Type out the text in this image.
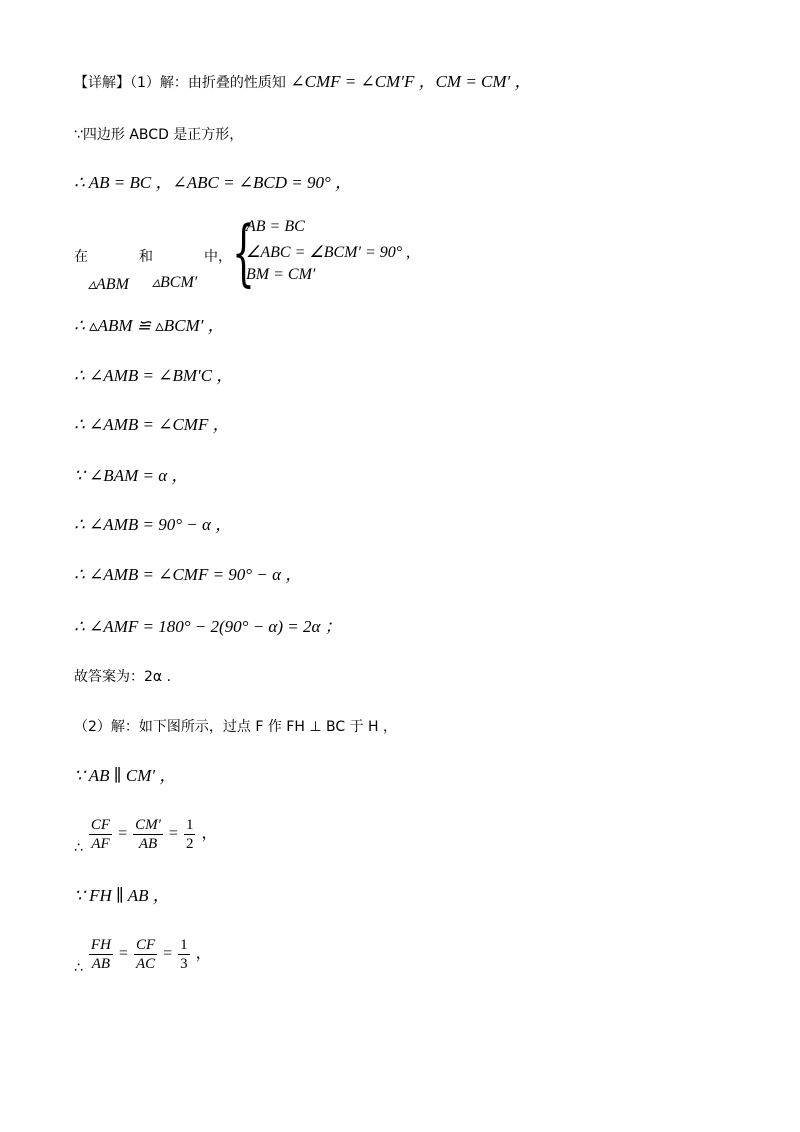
【详解】（1）解：由折叠的性质知 ∠CMF = ∠CM′F ，CM = CM′ ，
∵四边形 ABCD 是正方形，
∴ AB = BC ，∠ABC = ∠BCD = 90° ，
在	和	中，
▵ABM ▵BCM′ {
AB = BC
∠ABC = ∠BCM′ = 90° ,
BM = CM′
∴ ▵ABM ≌ ▵BCM′ ，
∴ ∠AMB = ∠BM′C ，
∴ ∠AMB = ∠CMF ，
∵ ∠BAM = α ，
∴ ∠AMB = 90° − α ，
∴ ∠AMB = ∠CMF = 90° − α ，
∴ ∠AMF = 180° − 2(90° − α) = 2α ；
故答案为：2α .
（2）解：如下图所示，过点 F 作 FH ⊥ BC 于 H ，
∵ AB ∥ CM′ ，
∴ $\frac{CF}{AF} = \frac{CM'}{AB} = \frac{1}{2}$ ，
∵ FH ∥ AB ，
∴ $\frac{FH}{AB} = \frac{CF}{AC} = \frac{1}{3}$ ，
